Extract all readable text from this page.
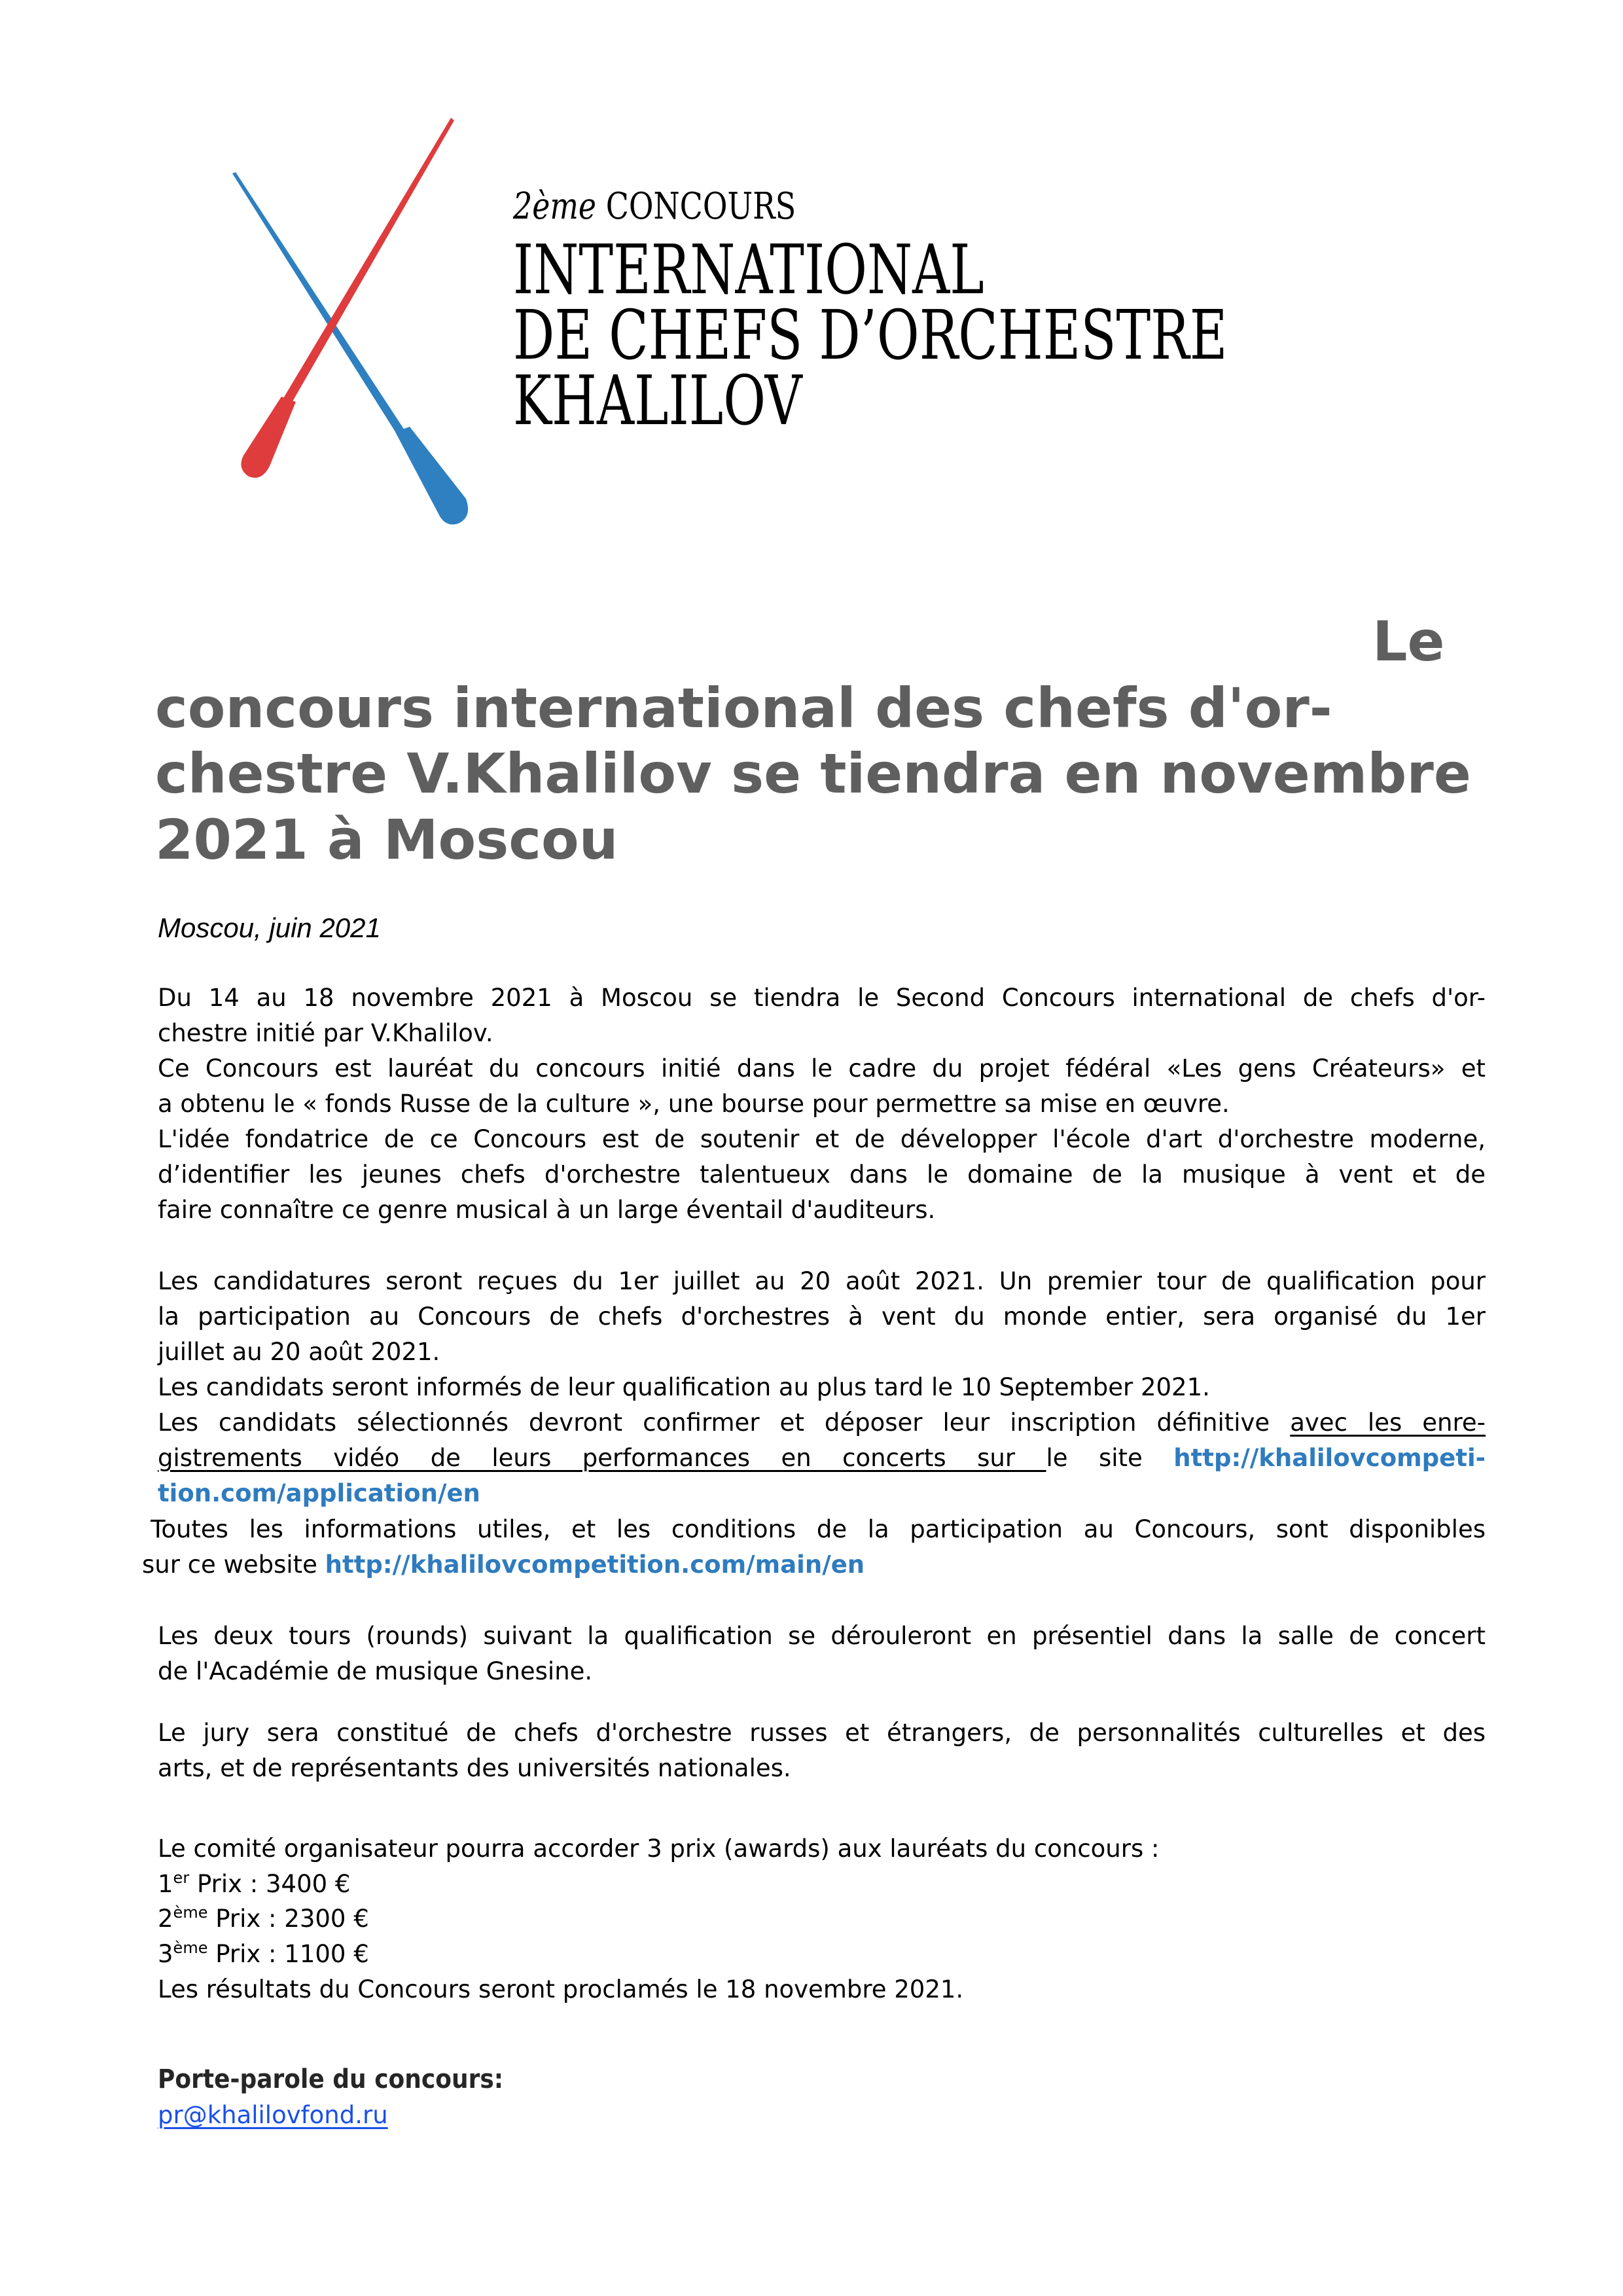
2ème CONCOURS
INTERNATIONAL
DE CHEFS D’ORCHESTRE
KHALILOV
Le
concours international des chefs d'or-
chestre V.Khalilov se tiendra en novembre
2021 à Moscou
Moscou, juin 2021
Du 14 au 18 novembre 2021 à Moscou se tiendra le Second Concours international de chefs d'or-
chestre initié par V.Khalilov.
Ce Concours est lauréat du concours initié dans le cadre du projet fédéral «Les gens Créateurs» et
a obtenu le « fonds Russe de la culture », une bourse pour permettre sa mise en œuvre.
L'idée fondatrice de ce Concours est de soutenir et de développer l'école d'art d'orchestre moderne,
d’identifier les jeunes chefs d'orchestre talentueux dans le domaine de la musique à vent et de
faire connaître ce genre musical à un large éventail d'auditeurs.
Les candidatures seront reçues du 1er juillet au 20 août 2021. Un premier tour de qualification pour
la participation au Concours de chefs d'orchestres à vent du monde entier, sera organisé du 1er
juillet au 20 août 2021.
Les candidats seront informés de leur qualification au plus tard le 10 September 2021.
Les candidats sélectionnés devront confirmer et déposer leur inscription définitive avec les enre-
gistrements vidéo de leurs performances en concerts sur le site http://khalilovcompeti-
tion.com/application/en
Toutes les informations utiles, et les conditions de la participation au Concours, sont disponibles
sur ce website http://khalilovcompetition.com/main/en
Les deux tours (rounds) suivant la qualification se dérouleront en présentiel dans la salle de concert
de l'Académie de musique Gnesine.
Le jury sera constitué de chefs d'orchestre russes et étrangers, de personnalités culturelles et des
arts, et de représentants des universités nationales.
Le comité organisateur pourra accorder 3 prix (awards) aux lauréats du concours :
1er Prix : 3400 €
2ème Prix : 2300 €
3ème Prix : 1100 €
Les résultats du Concours seront proclamés le 18 novembre 2021.
Porte-parole du concours:
pr@khalilovfond.ru
